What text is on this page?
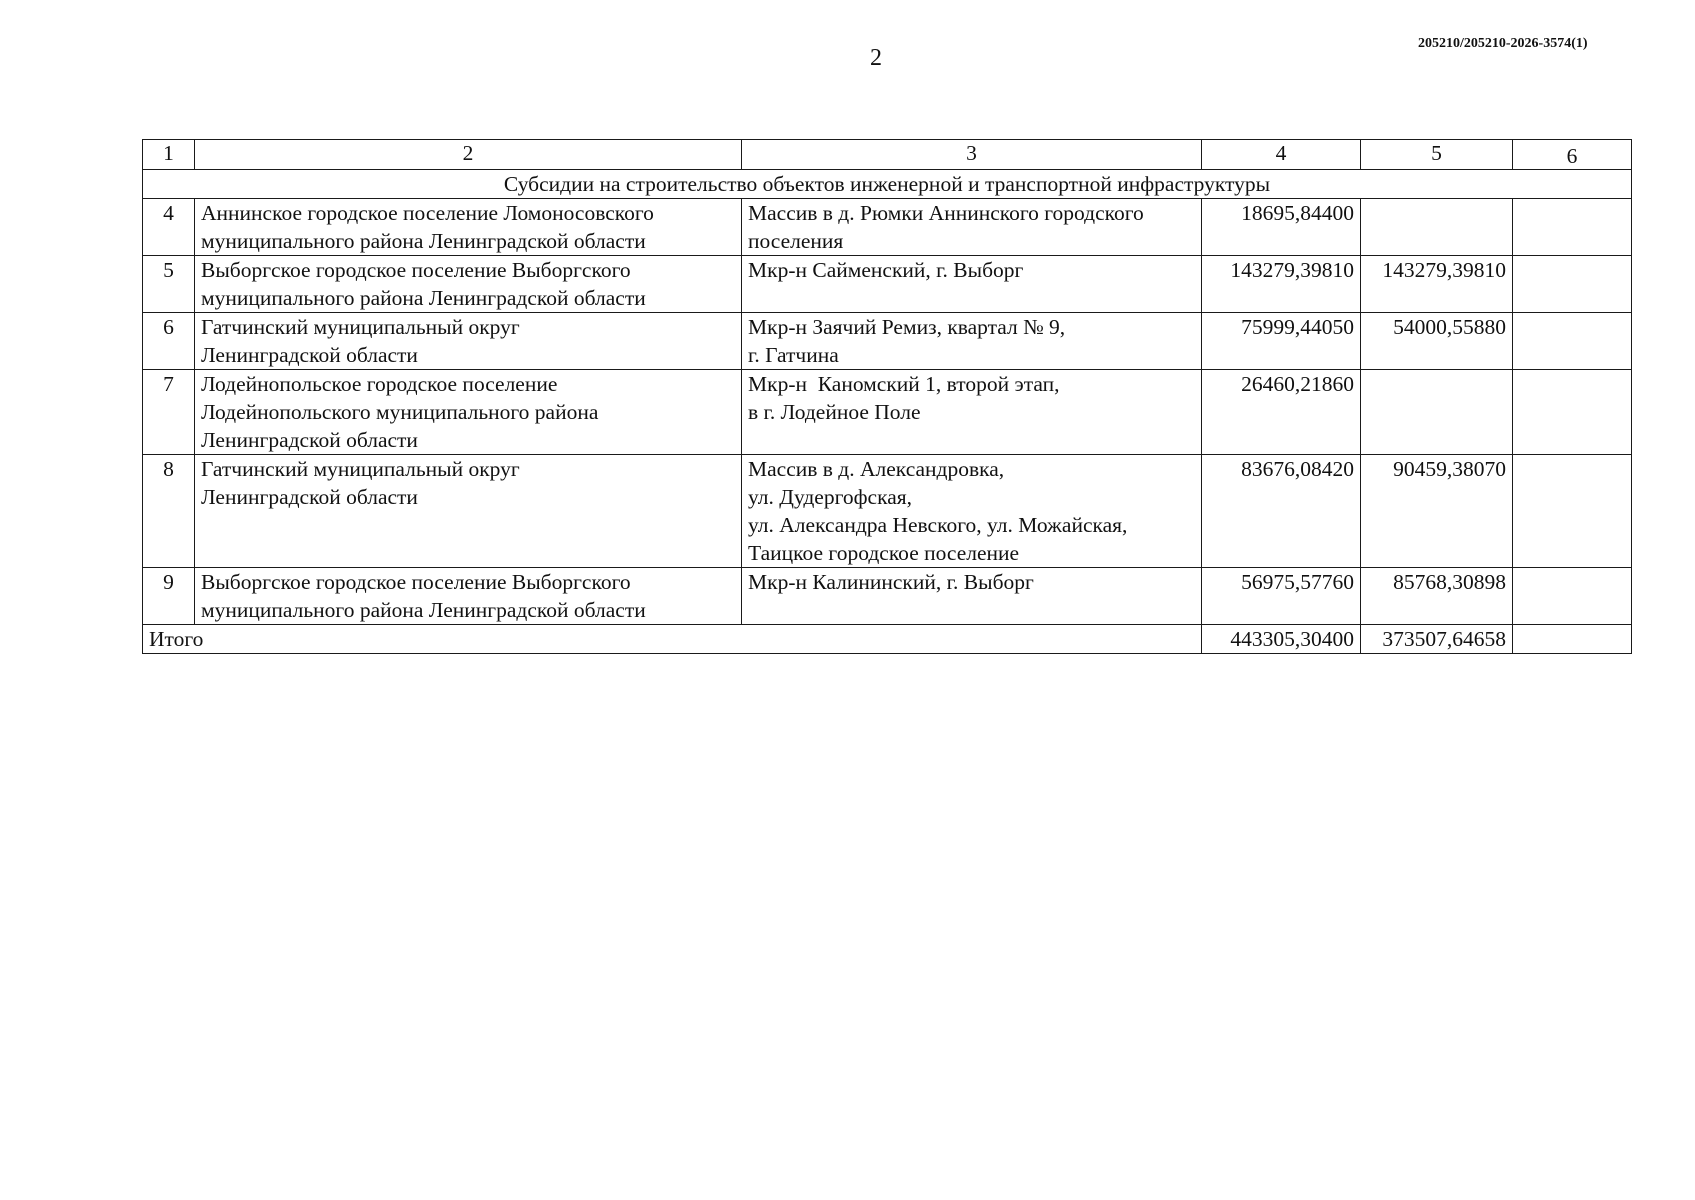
2
205210/205210-2026-3574(1)
1	2	3	4	5	6
Субсидии на строительство объектов инженерной и транспортной инфраструктуры					
4	Аннинское городское поселение Ломоносовского
муниципального района Ленинградской области	Массив в д. Рюмки Аннинского городского
поселения	18695,84400		
5	Выборгское городское поселение Выборгского
муниципального района Ленинградской области	Мкр-н Сайменский, г. Выборг	143279,39810	143279,39810	
6	Гатчинский муниципальный округ
Ленинградской области	Мкр-н Заячий Ремиз, квартал № 9,
г. Гатчина	75999,44050	54000,55880	
7	Лодейнопольское городское поселение
Лодейнопольского муниципального района
Ленинградской области	Мкр-н  Каномский 1, второй этап,
в г. Лодейное Поле	26460,21860		
8	Гатчинский муниципальный округ
Ленинградской области	Массив в д. Александровка,
ул. Дудергофская,
ул. Александра Невского, ул. Можайская,
Таицкое городское поселение	83676,08420	90459,38070	
9	Выборгское городское поселение Выборгского
муниципального района Ленинградской области	Мкр-н Калининский, г. Выборг	56975,57760	85768,30898	
Итого			443305,30400	373507,64658	
